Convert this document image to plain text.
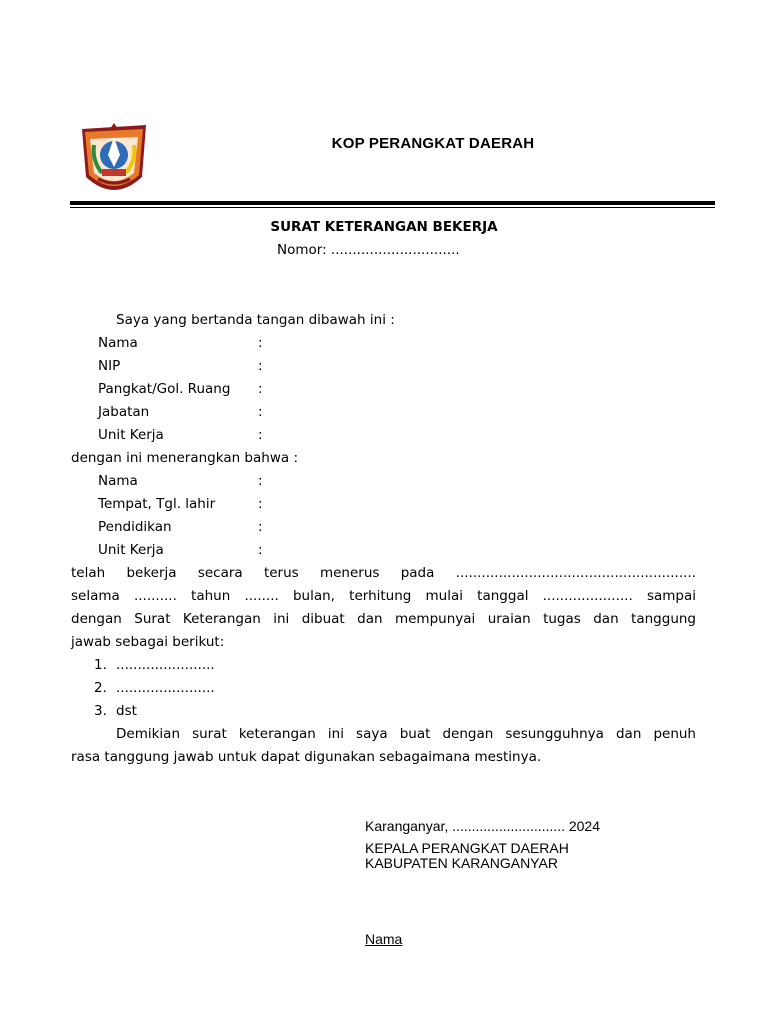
KOP PERANGKAT DAERAH
SURAT KETERANGAN BEKERJA
Nomor: ..............................
Saya yang bertanda tangan dibawah ini :
Nama	:
NIP	:
Pangkat/Gol. Ruang :
Jabatan	:
Unit Kerja	:
dengan ini menerangkan bahwa :
Nama	:
Tempat, Tgl. lahir	:
Pendidikan	:
Unit Kerja	:
telah bekerja secara terus menerus pada ........................................................
selama .......... tahun ........ bulan, terhitung mulai tanggal ..................... sampai
dengan Surat Keterangan ini dibuat dan mempunyai uraian tugas dan tanggung
jawab sebagai berikut:
1. .......................
2. .......................
3. dst
Demikian surat keterangan ini saya buat dengan sesungguhnya dan penuh
rasa tanggung jawab untuk dapat digunakan sebagaimana mestinya.
Karanganyar, ............................. 2024
KEPALA PERANGKAT DAERAH
KABUPATEN KARANGANYAR
Nama
